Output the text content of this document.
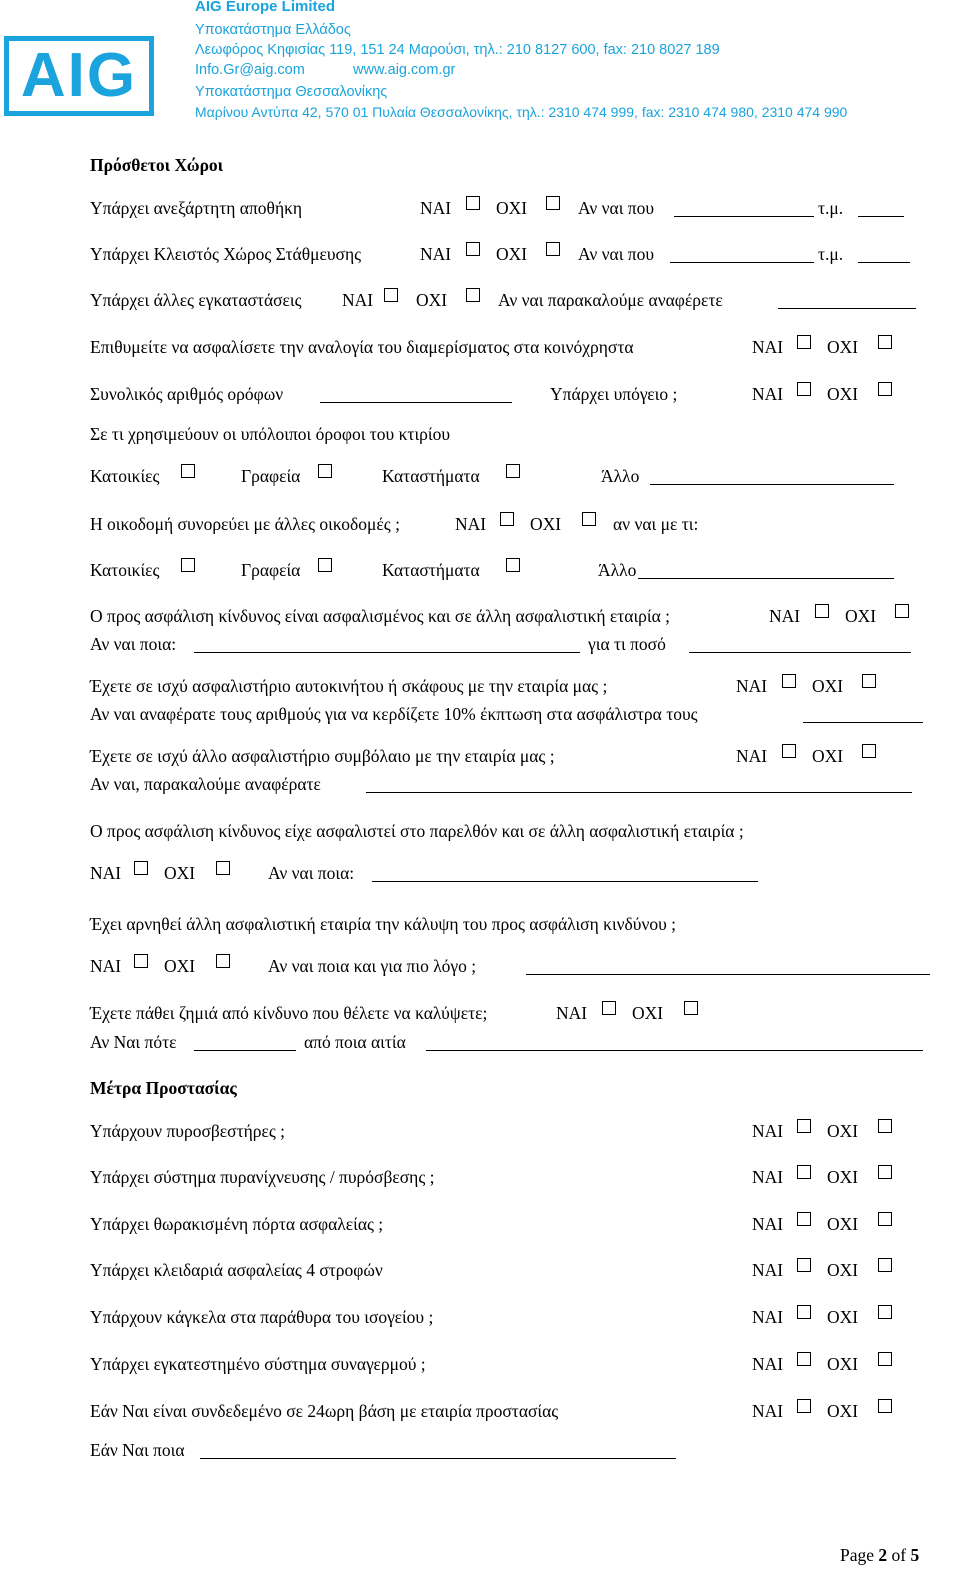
AIG
AIG Europe Limited
Υποκατάστημα Ελλάδος
Λεωφόρος Κηφισίας 119, 151 24 Μαρούσι, τηλ.: 210 8127 600, fax: 210 8027 189
Info.Gr@aig.com	www.aig.com.gr
Υποκατάστημα Θεσσαλονίκης
Μαρίνου Αντύπα 42, 570 01 Πυλαία Θεσσαλονίκης, τηλ.: 2310 474 999, fax: 2310 474 980, 2310 474 990
Πρόσθετοι Χώροι
Υπάρχει ανεξάρτητη αποθήκη	ΝΑΙ	ΟΧΙ	Αν ναι που	τ.μ.
Υπάρχει Κλειστός Χώρος Στάθμευσης	ΝΑΙ	ΟΧΙ	Αν ναι που	τ.μ.
Υπάρχει άλλες εγκαταστάσεις ΝΑΙ ΟΧΙ	Αν ναι παρακαλούμε αναφέρετε
Επιθυμείτε να ασφαλίσετε την αναλογία του διαμερίσματος στα κοινόχρηστα	ΝΑΙ	ΟΧΙ
Συνολικός αριθμός ορόφων	Υπάρχει υπόγειο ;	ΝΑΙ	ΟΧΙ
Σε τι χρησιμεύουν οι υπόλοιποι όροφοι του κτιρίου
Κατοικίες	Γραφεία	Καταστήματα	Άλλο
Η οικοδομή συνορεύει με άλλες οικοδομές ;	ΝΑΙ	ΟΧΙ	αν ναι με τι:
Κατοικίες	Γραφεία	Καταστήματα	Άλλο
Ο προς ασφάλιση κίνδυνος είναι ασφαλισμένος και σε άλλη ασφαλιστική εταιρία ;	ΝΑΙ	ΟΧΙ
Αν ναι ποια:	για τι ποσό
Έχετε σε ισχύ ασφαλιστήριο αυτοκινήτου ή σκάφους με την εταιρία μας ;	ΝΑΙ	ΟΧΙ
Αν ναι αναφέρατε τους αριθμούς για να κερδίζετε 10% έκπτωση στα ασφάλιστρα τους
Έχετε σε ισχύ άλλο ασφαλιστήριο συμβόλαιο με την εταιρία μας ;	ΝΑΙ	ΟΧΙ
Αν ναι, παρακαλούμε αναφέρατε
Ο προς ασφάλιση κίνδυνος είχε ασφαλιστεί στο παρελθόν και σε άλλη ασφαλιστική εταιρία ;
ΝΑΙ ΟΧΙ	Αν ναι ποια:
Έχει αρνηθεί άλλη ασφαλιστική εταιρία την κάλυψη του προς ασφάλιση κινδύνου ;
ΝΑΙ ΟΧΙ	Αν ναι ποια και για πιο λόγο ;
Έχετε πάθει ζημιά από κίνδυνο που θέλετε να καλύψετε;	ΝΑΙ	ΟΧΙ
Αν Ναι πότε	από ποια αιτία
Μέτρα Προστασίας
Υπάρχουν πυροσβεστήρες ;	ΝΑΙ	ΟΧΙ
Υπάρχει σύστημα πυρανίχνευσης / πυρόσβεσης ;	ΝΑΙ	ΟΧΙ
Υπάρχει θωρακισμένη πόρτα ασφαλείας ;	ΝΑΙ	ΟΧΙ
Υπάρχει κλειδαριά ασφαλείας 4 στροφών	ΝΑΙ	ΟΧΙ
Υπάρχουν κάγκελα στα παράθυρα του ισογείου ;	ΝΑΙ	ΟΧΙ
Υπάρχει εγκατεστημένο σύστημα συναγερμού ;	ΝΑΙ	ΟΧΙ
Εάν Ναι είναι συνδεδεμένο σε 24ωρη βάση με εταιρία προστασίας	ΝΑΙ	ΟΧΙ
Εάν Ναι ποια
Page 2 of 5
